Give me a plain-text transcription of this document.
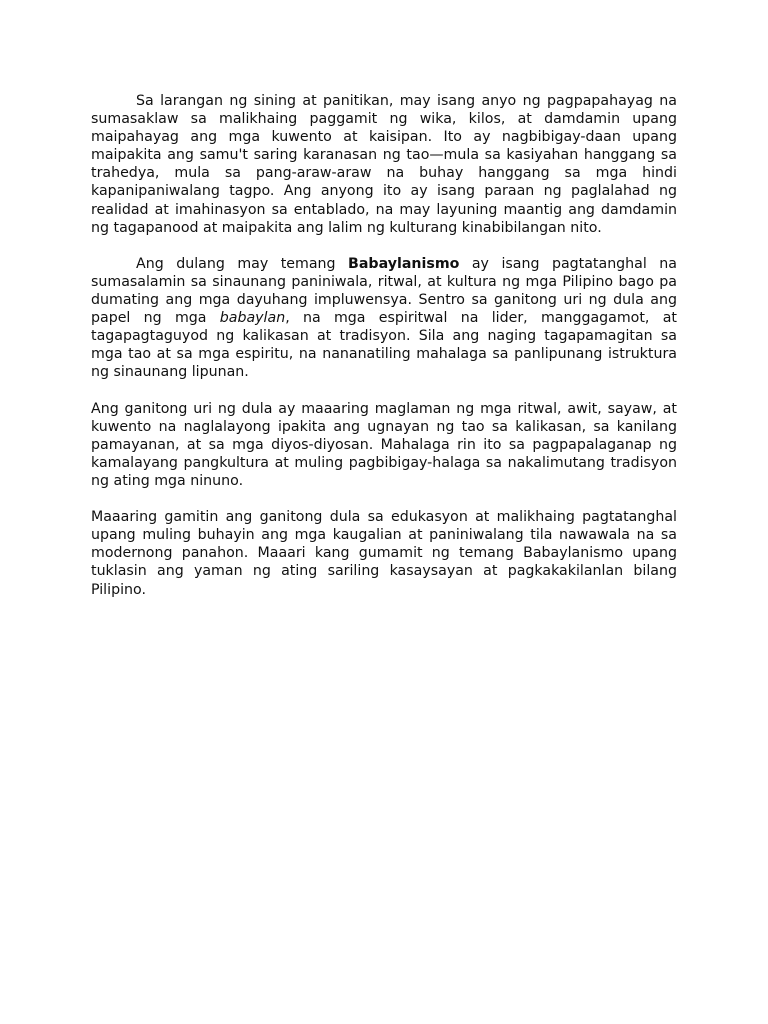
Sa larangan ng sining at panitikan, may isang anyo ng pagpapahayag na sumasaklaw sa malikhaing paggamit ng wika, kilos, at damdamin upang maipahayag ang mga kuwento at kaisipan. Ito ay nagbibigay-daan upang maipakita ang samu't saring karanasan ng tao—mula sa kasiyahan hanggang sa trahedya, mula sa pang-araw-araw na buhay hanggang sa mga hindi kapanipaniwalang tagpo. Ang anyong ito ay isang paraan ng paglalahad ng realidad at imahinasyon sa entablado, na may layuning maantig ang damdamin ng tagapanood at maipakita ang lalim ng kulturang kinabibilangan nito.

Ang dulang may temang Babaylanismo ay isang pagtatanghal na sumasalamin sa sinaunang paniniwala, ritwal, at kultura ng mga Pilipino bago pa dumating ang mga dayuhang impluwensya. Sentro sa ganitong uri ng dula ang papel ng mga babaylan, na mga espiritwal na lider, manggagamot, at tagapagtaguyod ng kalikasan at tradisyon. Sila ang naging tagapamagitan sa mga tao at sa mga espiritu, na nananatiling mahalaga sa panlipunang istruktura ng sinaunang lipunan.

Ang ganitong uri ng dula ay maaaring maglaman ng mga ritwal, awit, sayaw, at kuwento na naglalayong ipakita ang ugnayan ng tao sa kalikasan, sa kanilang pamayanan, at sa mga diyos-diyosan. Mahalaga rin ito sa pagpapalaganap ng kamalayang pangkultura at muling pagbibigay-halaga sa nakalimutang tradisyon ng ating mga ninuno.

Maaaring gamitin ang ganitong dula sa edukasyon at malikhaing pagtatanghal upang muling buhayin ang mga kaugalian at paniniwalang tila nawawala na sa modernong panahon. Maaari kang gumamit ng temang Babaylanismo upang tuklasin ang yaman ng ating sariling kasaysayan at pagkakakilanlan bilang Pilipino.
